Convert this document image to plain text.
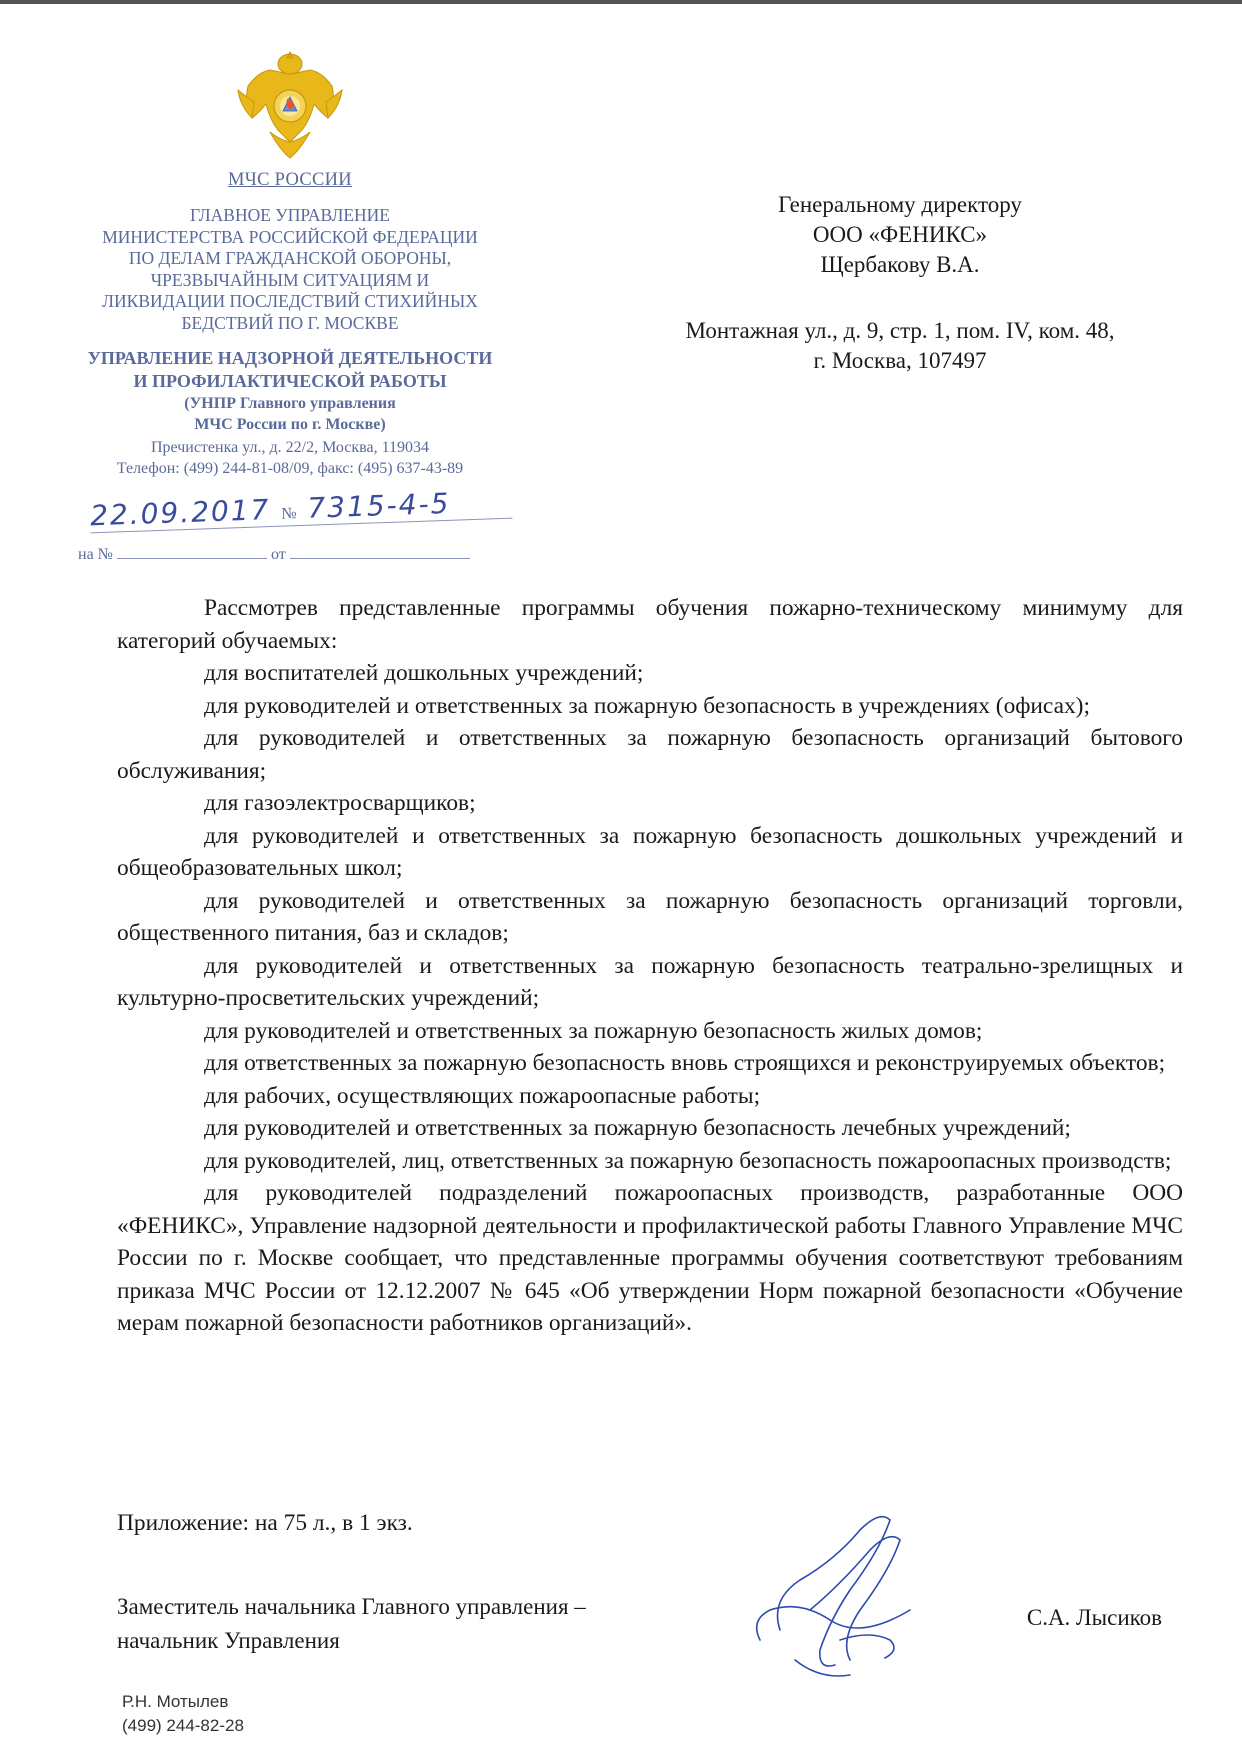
МЧС РОССИИ
ГЛАВНОЕ УПРАВЛЕНИЕ
МИНИСТЕРСТВА РОССИЙСКОЙ ФЕДЕРАЦИИ
ПО ДЕЛАМ ГРАЖДАНСКОЙ ОБОРОНЫ,
ЧРЕЗВЫЧАЙНЫМ СИТУАЦИЯМ И
ЛИКВИДАЦИИ ПОСЛЕДСТВИЙ СТИХИЙНЫХ
БЕДСТВИЙ ПО Г. МОСКВЕ
УПРАВЛЕНИЕ НАДЗОРНОЙ ДЕЯТЕЛЬНОСТИ
И ПРОФИЛАКТИЧЕСКОЙ РАБОТЫ
(УНПР Главного управления
МЧС России по г. Москве)
Пречистенка ул., д. 22/2, Москва, 119034
Телефон: (499) 244-81-08/09, факс: (495) 637-43-89
22.09.2017 № 7315-4-5
на №	от
Генеральному директору
ООО «ФЕНИКС»
Щербакову В.А.
Монтажная ул., д. 9, стр. 1, пом. IV, ком. 48,
г. Москва, 107497

Рассмотрев представленные программы обучения пожарно-техническому минимуму для категорий обучаемых:

для воспитателей дошкольных учреждений;

для руководителей и ответственных за пожарную безопасность в учреждениях (офисах);

для руководителей и ответственных за пожарную безопасность организаций бытового обслуживания;

для газоэлектросварщиков;

для руководителей и ответственных за пожарную безопасность дошкольных учреждений и общеобразовательных школ;

для руководителей и ответственных за пожарную безопасность организаций торговли, общественного питания, баз и складов;

для руководителей и ответственных за пожарную безопасность театрально-зрелищных и культурно-просветительских учреждений;

для руководителей и ответственных за пожарную безопасность жилых домов;

для ответственных за пожарную безопасность вновь строящихся и реконструируемых объектов;

для рабочих, осуществляющих пожароопасные работы;

для руководителей и ответственных за пожарную безопасность лечебных учреждений;

для руководителей, лиц, ответственных за пожарную безопасность пожароопасных производств;

для руководителей подразделений пожароопасных производств, разработанные ООО «ФЕНИКС», Управление надзорной деятельности и профилактической работы Главного Управление МЧС России по г. Москве сообщает, что представленные программы обучения соответствуют требованиям приказа МЧС России от 12.12.2007 № 645 «Об утверждении Норм пожарной безопасности «Обучение мерам пожарной безопасности работников организаций».

Приложение: на 75 л., в 1 экз.
Заместитель начальника Главного управления –
начальник Управления
С.А. Лысиков
Р.Н. Мотылев
(499) 244-82-28
